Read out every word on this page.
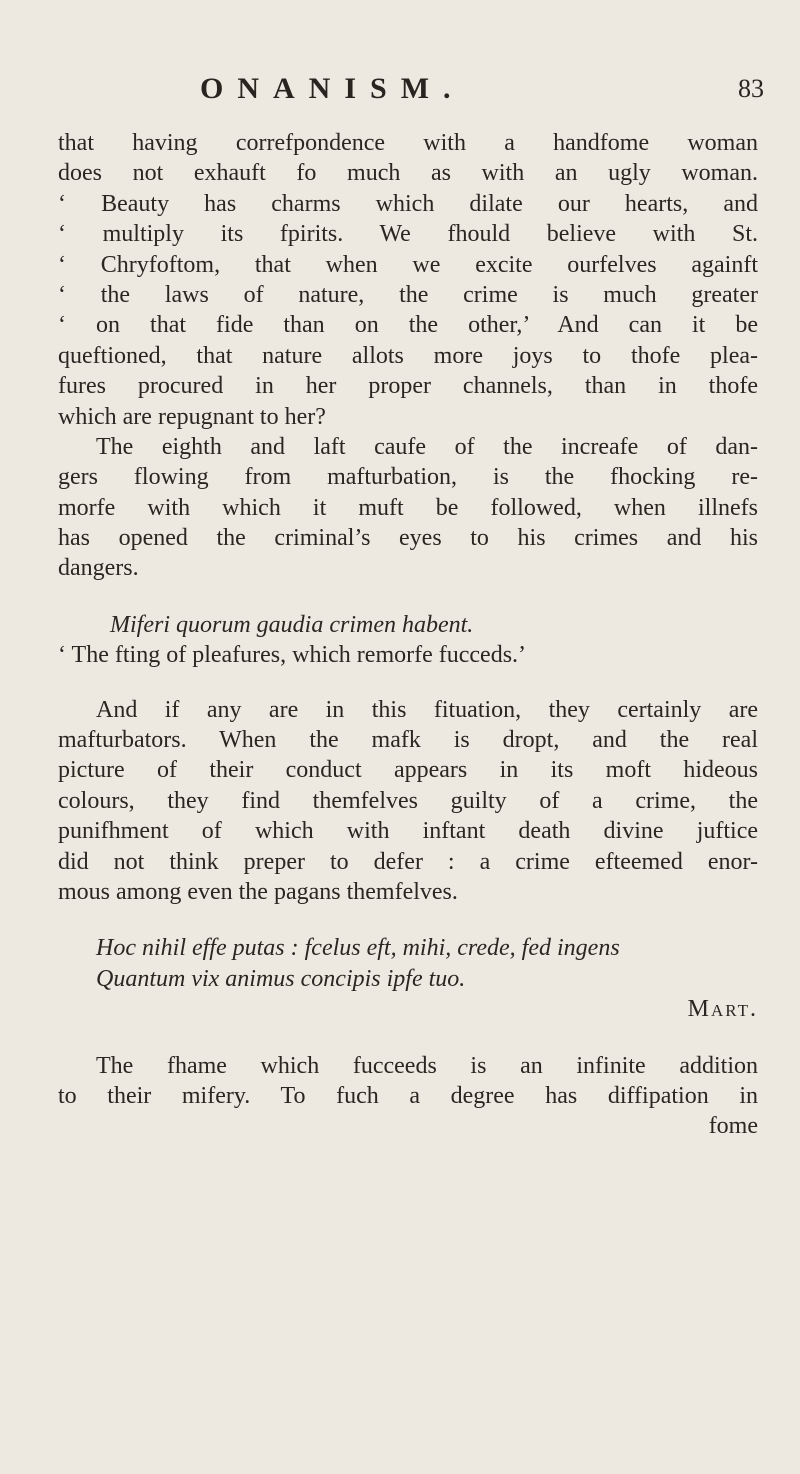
ONANISM.	83
that having correfpondence with a handfome woman
does not exhauft fo much as with an ugly woman.
‘ Beauty has charms which dilate our hearts, and
‘ multiply its fpirits. We fhould believe with St.
‘ Chryfoftom, that when we excite ourfelves againft
‘ the laws of nature, the crime is much greater
‘ on that fide than on the other,’ And can it be
queftioned, that nature allots more joys to thofe plea-
fures procured in her proper channels, than in thofe
which are repugnant to her?
The eighth and laft caufe of the increafe of dan-
gers flowing from mafturbation, is the fhocking re-
morfe with which it muft be followed, when illnefs
has opened the criminal’s eyes to his crimes and his
dangers.
Miferi quorum gaudia crimen habent.
‘ The fting of pleafures, which remorfe fucceds.’
And if any are in this fituation, they certainly are
mafturbators. When the mafk is dropt, and the real
picture of their conduct appears in its moft hideous
colours, they find themfelves guilty of a crime, the
punifhment of which with inftant death divine juftice
did not think preper to defer : a crime efteemed enor-
mous among even the pagans themfelves.
Hoc nihil effe putas : fcelus eft, mihi, crede, fed ingens
Quantum vix animus concipis ipfe tuo.
Mart.
The fhame which fucceeds is an infinite addition
to their mifery. To fuch a degree has diffipation in
fome
